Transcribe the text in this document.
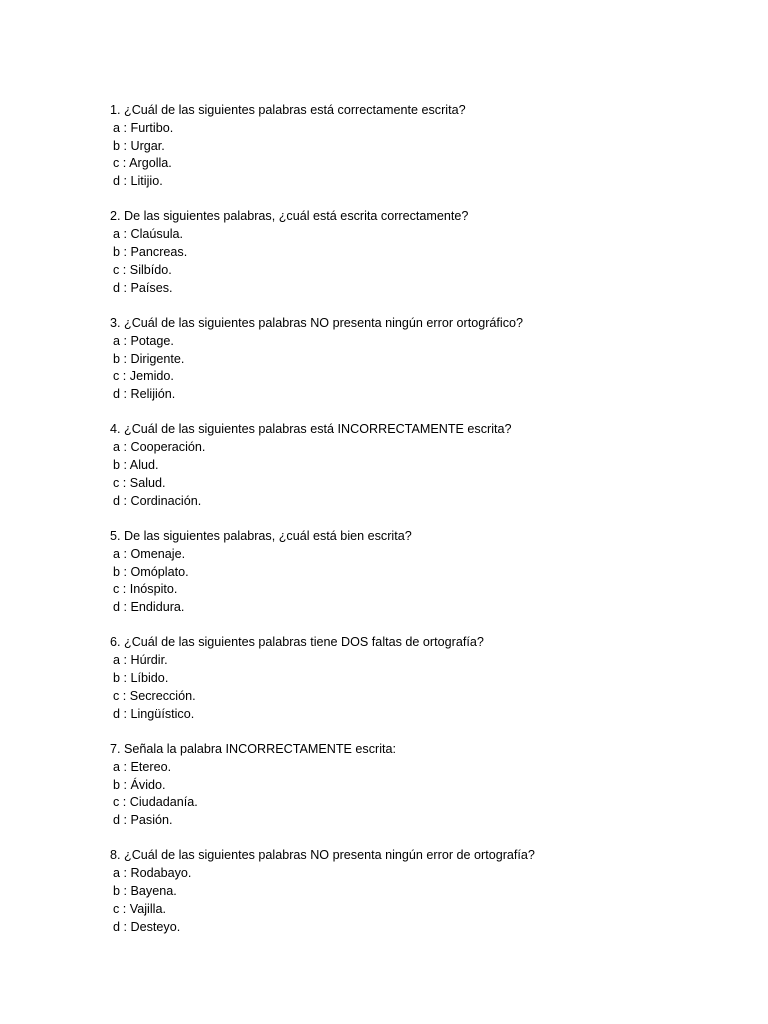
1. ¿Cuál de las siguientes palabras está correctamente escrita?
a : Furtibo.
b : Urgar.
c : Argolla.
d : Litijio.
2. De las siguientes palabras, ¿cuál está escrita correctamente?
a : Claúsula.
b : Pancreas.
c : Silbído.
d : Países.
3. ¿Cuál de las siguientes palabras NO presenta ningún error ortográfico?
a : Potage.
b : Dirigente.
c : Jemido.
d : Relijión.
4. ¿Cuál de las siguientes palabras está INCORRECTAMENTE escrita?
a : Cooperación.
b : Alud.
c : Salud.
d : Cordinación.
5. De las siguientes palabras, ¿cuál está bien escrita?
a : Omenaje.
b : Omóplato.
c : Inóspito.
d : Endidura.
6. ¿Cuál de las siguientes palabras tiene DOS faltas de ortografía?
a : Húrdir.
b : Líbido.
c : Secrección.
d : Lingüístico.
7. Señala la palabra INCORRECTAMENTE escrita:
a : Etereo.
b : Ávido.
c : Ciudadanía.
d : Pasión.
8. ¿Cuál de las siguientes palabras NO presenta ningún error de ortografía?
a : Rodabayo.
b : Bayena.
c : Vajilla.
d : Desteyo.
